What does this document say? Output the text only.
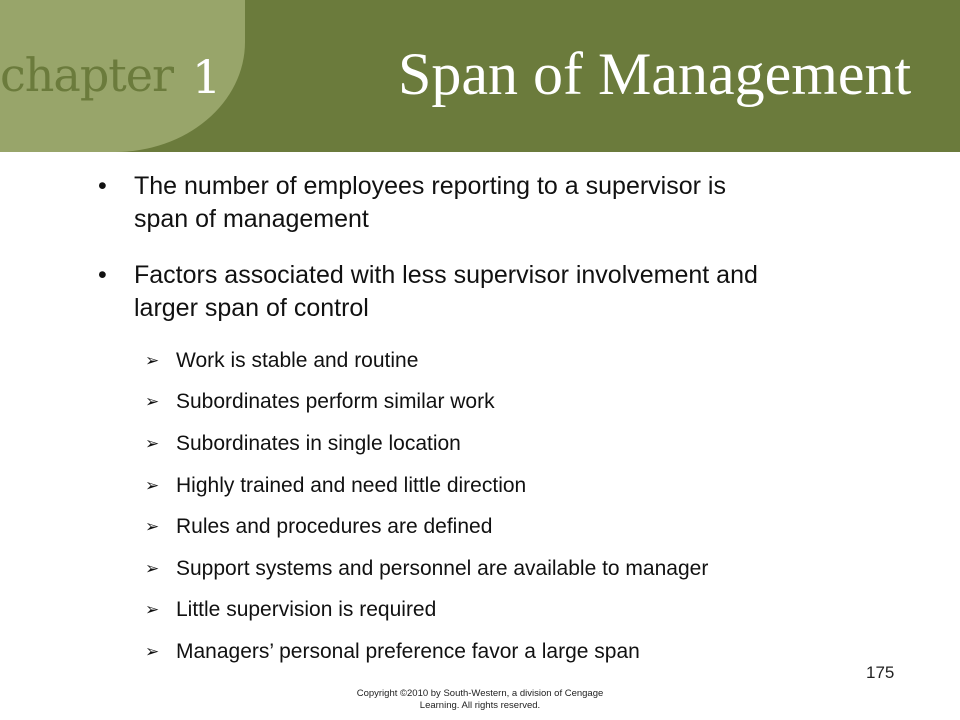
chapter 1	Span of Management
• The number of employees reporting to a supervisor is span of management
• Factors associated with less supervisor involvement and larger span of control
➢ Work is stable and routine
➢ Subordinates perform similar work
➢ Subordinates in single location
➢ Highly trained and need little direction
➢ Rules and procedures are defined
➢ Support systems and personnel are available to manager
➢ Little supervision is required
➢ Managers’ personal preference favor a large span
175
Copyright ©2010 by South-Western, a division of Cengage
Learning. All rights reserved.
